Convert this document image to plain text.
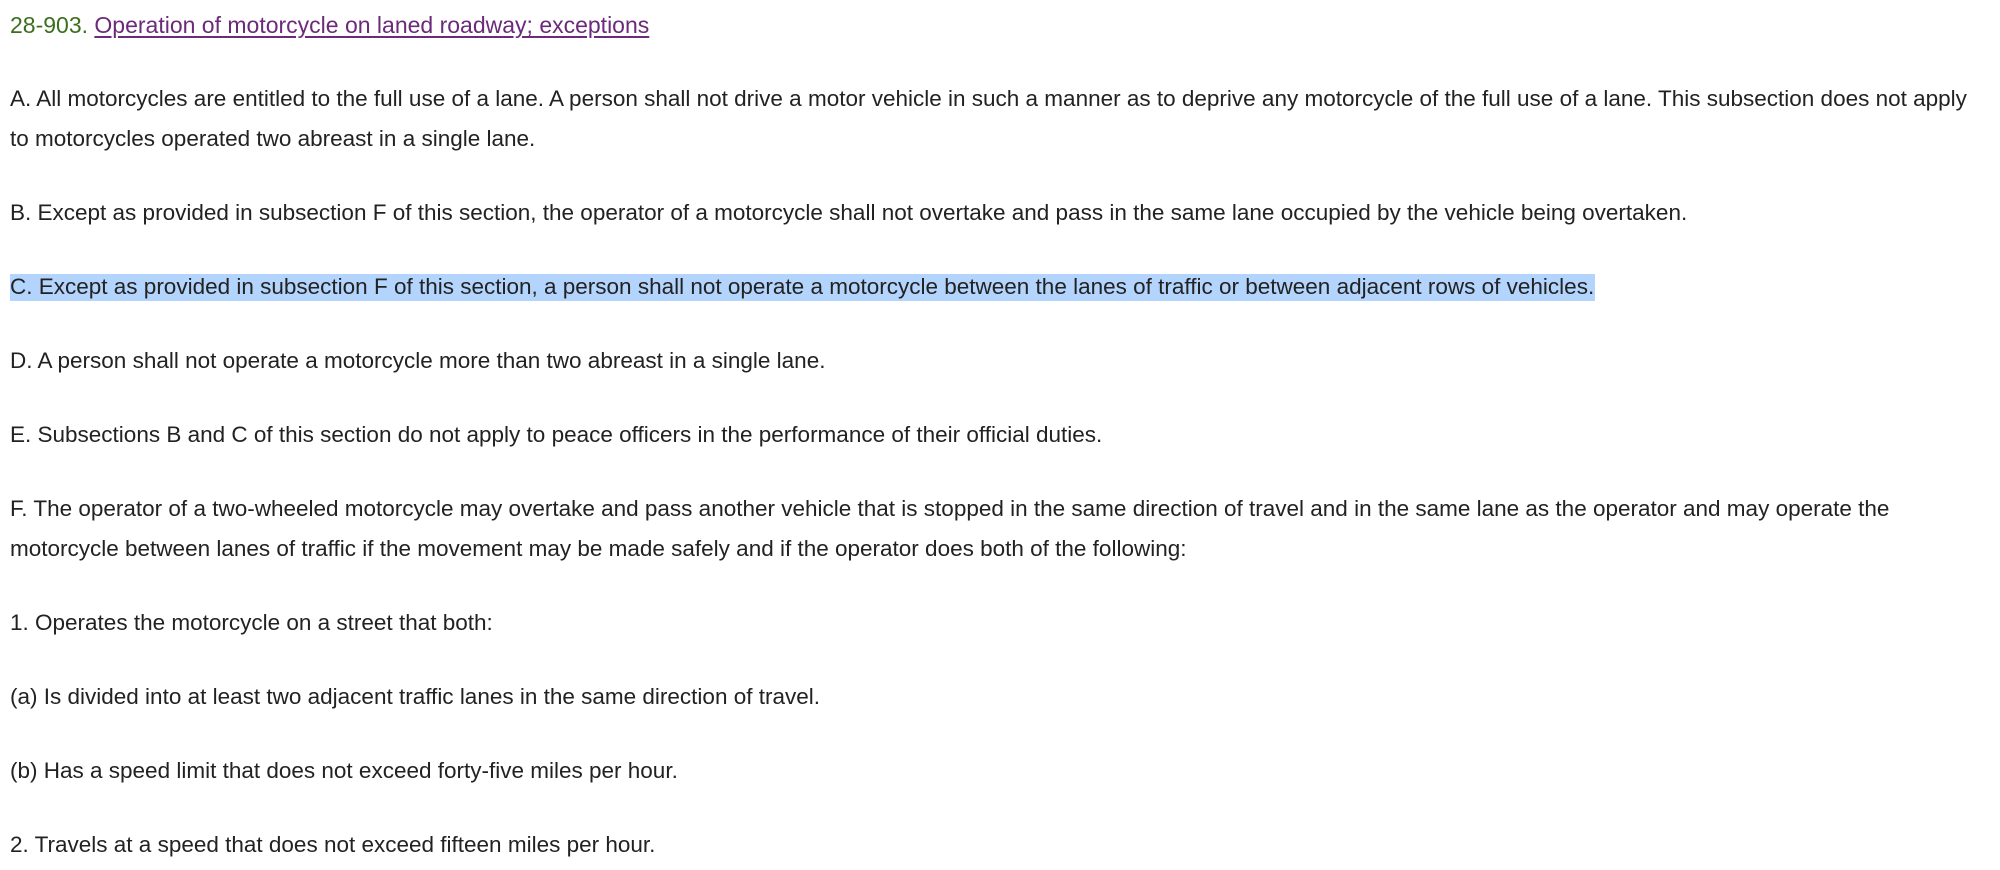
28-903. Operation of motorcycle on laned roadway; exceptions

A. All motorcycles are entitled to the full use of a lane. A person shall not drive a motor vehicle in such a manner as to deprive any motorcycle of the full use of a lane. This subsection does not apply to motorcycles operated two abreast in a single lane.

B. Except as provided in subsection F of this section, the operator of a motorcycle shall not overtake and pass in the same lane occupied by the vehicle being overtaken.

C. Except as provided in subsection F of this section, a person shall not operate a motorcycle between the lanes of traffic or between adjacent rows of vehicles.

D. A person shall not operate a motorcycle more than two abreast in a single lane.

E. Subsections B and C of this section do not apply to peace officers in the performance of their official duties.

F. The operator of a two-wheeled motorcycle may overtake and pass another vehicle that is stopped in the same direction of travel and in the same lane as the operator and may operate the motorcycle between lanes of traffic if the movement may be made safely and if the operator does both of the following:

1. Operates the motorcycle on a street that both:

(a) Is divided into at least two adjacent traffic lanes in the same direction of travel.

(b) Has a speed limit that does not exceed forty-five miles per hour.

2. Travels at a speed that does not exceed fifteen miles per hour.
